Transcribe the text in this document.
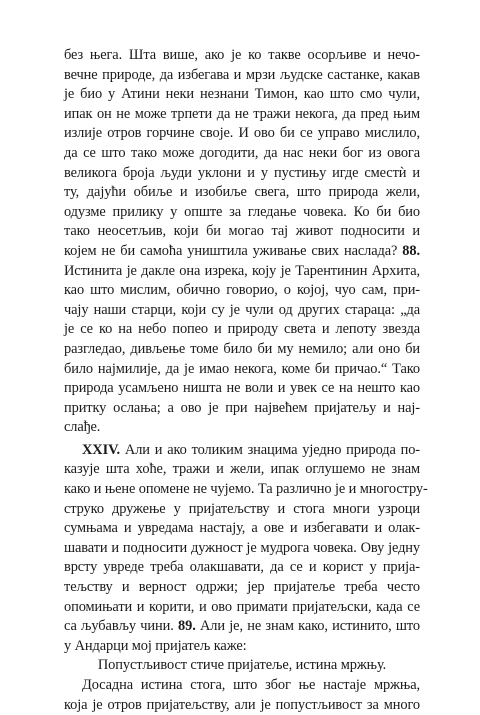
без њега. Шта више, ако је ко такве осорљиве и нечо-
вечне природе, да избегава и мрзи људске састанке, какав
је био у Атини неки незнани Тимон, као што смо чули,
ипак он не може трпети да не тражи некога, да пред њим
излије отров горчине своје. И ово би се управо мислило,
да се што тако може догодити, да нас неки бог из овога
великога броја људи уклони и у пустињу игде сместѝ и
ту, дајући обиље и изобиље свега, што природа жели,
одузме прилику у опште за гледање човека. Ко би био
тако неосетљив, који би могао тај живот подносити и
којем не би самоћа уништила уживање свих наслада? 88.
Истинита је дакле она изрека, коју је Тарентинин Архита,
као што мислим, обично говорио, о којој, чуо сам, при-
чају наши старци, који су је чули од других стараца: „да
је се ко на небо попео и природу света и лепоту звезда
разгледао, дивљење томе било би му немило; али оно би
било најмилије, да је имао некога, коме би причао.“ Тако
природа усамљено ништа не воли и увек се на нешто као
притку ослања; а ово је при највећем пријатељу и нај-
слађе.
XXIV. Али и ако толиким знацима уједно природа по-
казује шта хоће, тражи и жели, ипак оглушемо не знам
како и њене опомене не чујемо. Та различно је и многостру-
струко дружење у пријатељству и стога многи узроци
сумњама и увредама настају, а ове и избегавати и олак-
шавати и подносити дужност је мудрога човека. Ову једну
врсту увреде треба олакшавати, да се и корист у прија-
тељству и верност одржи; јер пријатеље треба често
опомињати и корити, и ово примати пријатељски, када се
са љубављу чини. 89. Али је, не знам како, истинито, што
у Андарци мој пријатељ каже:
Попустљивост стиче пријатеље, истина мржњу.
Досадна истина стога, што због ње настаје мржња,
која је отров пријатељству, али је попустљивост за много
